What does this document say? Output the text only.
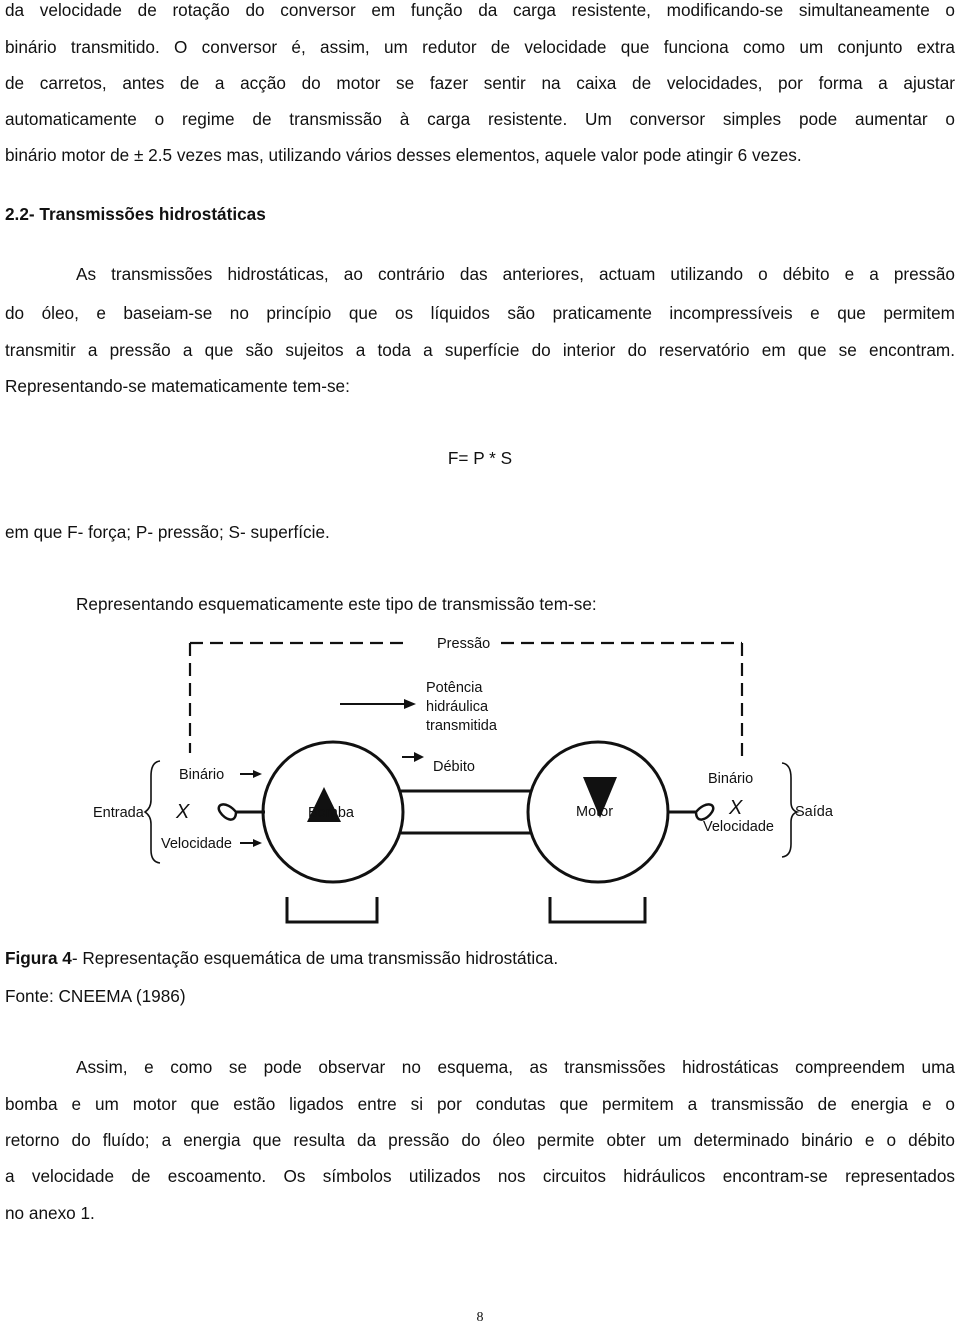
da velocidade de rotação do conversor em função da carga resistente, modificando-se simultaneamente o

binário transmitido. O conversor é, assim, um redutor de velocidade que funciona como um conjunto extra

de carretos, antes de a acção do motor se fazer sentir na caixa de velocidades, por forma a ajustar

automaticamente o regime de transmissão à carga resistente. Um conversor simples pode aumentar o

binário motor de ± 2.5 vezes mas, utilizando vários desses elementos, aquele valor pode atingir 6 vezes.

2.2- Transmissões hidrostáticas

As transmissões hidrostáticas, ao contrário das anteriores, actuam utilizando o débito e a pressão

do óleo, e baseiam-se no princípio que os líquidos são praticamente incompressíveis e que permitem

transmitir a pressão a que são sujeitos a toda a superfície do interior do reservatório em que se encontram.

Representando-se matematicamente tem-se:

F= P * S

em que F- força; P- pressão; S- superfície.

Representando esquematicamente este tipo de transmissão tem-se:

Pressão
Potência
hidráulica
transmitida
Débito
Entrada
Binário
X
Velocidade
Bomba	Motor
Binário
X
Velocidade
Saída
Figura 4- Representação esquemática de uma transmissão hidrostática.
Fonte: CNEEMA (1986)

Assim, e como se pode observar no esquema, as transmissões hidrostáticas compreendem uma

bomba e um motor que estão ligados entre si por condutas que permitem a transmissão de energia e o

retorno do fluído; a energia que resulta da pressão do óleo permite obter um determinado binário e o débito

a velocidade de escoamento. Os símbolos utilizados nos circuitos hidráulicos encontram-se representados

no anexo 1.

8
